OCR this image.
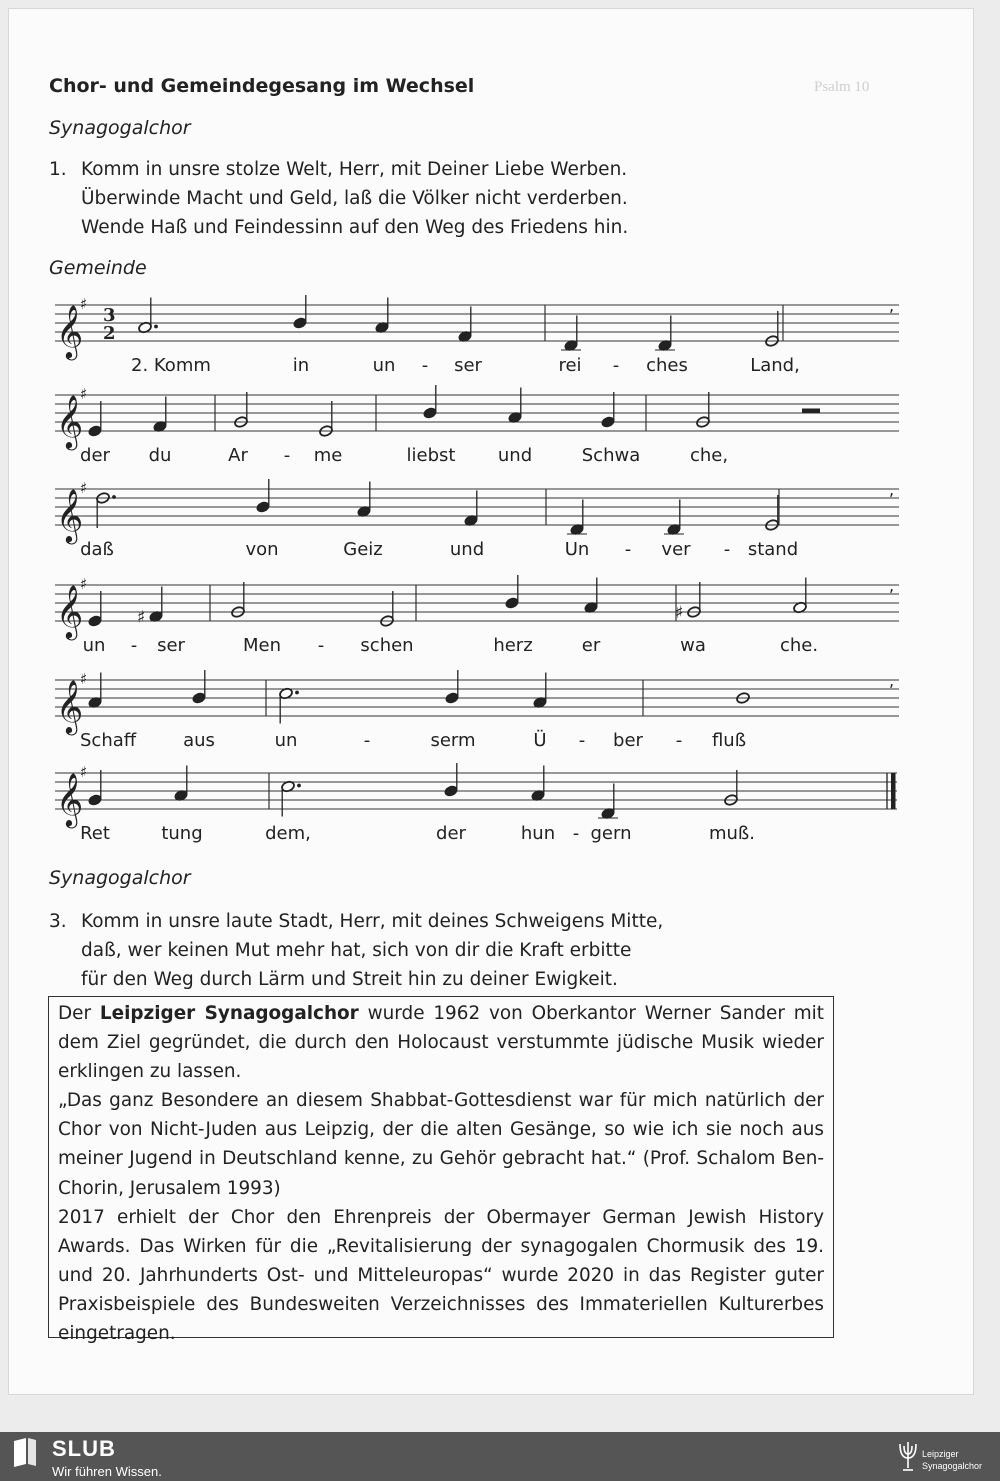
Psalm 10
Chor- und Gemeindegesang im Wechsel
Synagogalchor
1. Komm in unsre stolze Welt, Herr, mit Deiner Liebe Werben.
Überwinde Macht und Geld, laß die Völker nicht verderben.
Wende Haß und Feindessinn auf den Weg des Friedens hin.
Gemeinde
𝄞
♯
3
2
,
2. Komm	in	un - ser	rei - ches	Land,
𝄞
♯
der du	Ar - me	liebst und	Schwa	che,
𝄞
♯	,
daß	von	Geiz	und	Un - ver - stand
𝄞
♯	,
♯	♯
un - ser	Men - schen	herz	er	wa	che.
𝄞
♯	,
Schaff	aus	un	-	serm	Ü - ber - fluß
𝄞
♯
Ret	tung	dem,	der	hun - gern	muß.
Synagogalchor
3. Komm in unsre laute Stadt, Herr, mit deines Schweigens Mitte,
daß, wer keinen Mut mehr hat, sich von dir die Kraft erbitte
für den Weg durch Lärm und Streit hin zu deiner Ewigkeit.

Der Leipziger Synagogalchor wurde 1962 von Oberkantor Werner Sander mit dem Ziel gegründet, die durch den Holocaust verstummte jüdische Musik wieder erklingen zu lassen.

„Das ganz Besondere an diesem Shabbat-Gottesdienst war für mich natürlich der Chor von Nicht-Juden aus Leipzig, der die alten Gesänge, so wie ich sie noch aus meiner Jugend in Deutschland kenne, zu Gehör gebracht hat.“ (Prof. Schalom Ben-Chorin, Jerusalem 1993)

2017 erhielt der Chor den Ehrenpreis der Obermayer German Jewish History Awards. Das Wirken für die „Revitalisierung der synagogalen Chormusik des 19. und 20. Jahrhunderts Ost- und Mitteleuropas“ wurde 2020 in das Register guter Praxisbeispiele des Bundesweiten Verzeichnisses des Immateriellen Kulturerbes eingetragen.

SLUB
Wir führen Wissen.
Leipziger
Synagogalchor
